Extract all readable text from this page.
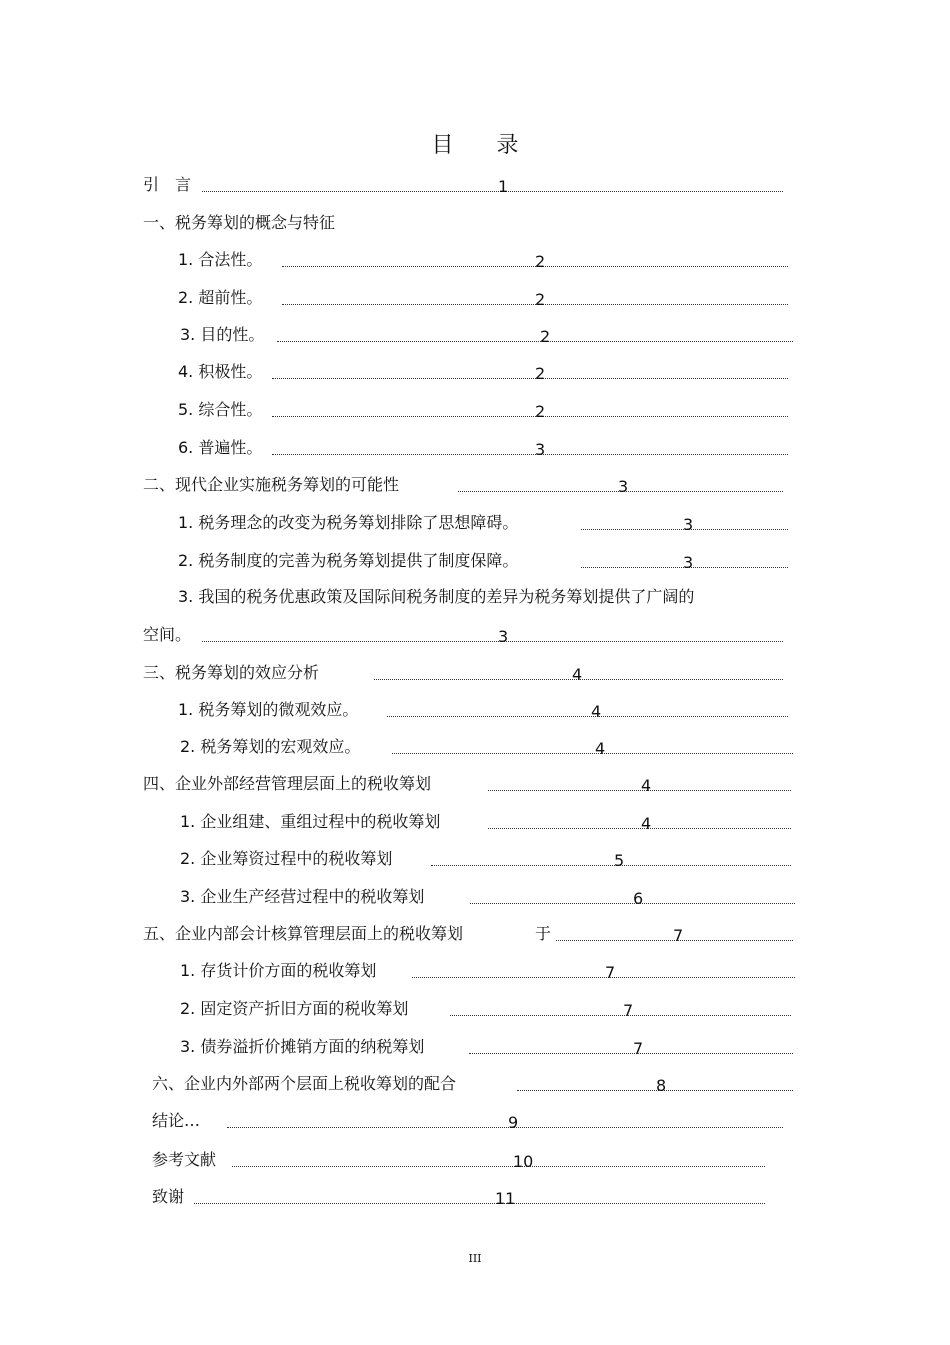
目 录
引　言	1
一、税务筹划的概念与特征
1. 合法性。	2
2. 超前性。	2
3. 目的性。	2
4. 积极性。	2
5. 综合性。	2
6. 普遍性。	3
二、现代企业实施税务筹划的可能性	3
1. 税务理念的改变为税务筹划排除了思想障碍。	3
2. 税务制度的完善为税务筹划提供了制度保障。	3
3. 我国的税务优惠政策及国际间税务制度的差异为税务筹划提供了广阔的
空间。	3
三、税务筹划的效应分析	4
1. 税务筹划的微观效应。	4
2. 税务筹划的宏观效应。	4
四、企业外部经营管理层面上的税收筹划	4
1. 企业组建、重组过程中的税收筹划	4
2. 企业筹资过程中的税收筹划	5
3. 企业生产经营过程中的税收筹划	6
五、企业内部会计核算管理层面上的税收筹划	于	7
1. 存货计价方面的税收筹划	7
2. 固定资产折旧方面的税收筹划	7
3. 债券溢折价摊销方面的纳税筹划	7
六、企业内外部两个层面上税收筹划的配合	8
结论…	9
参考文献	10
致谢	11
III
